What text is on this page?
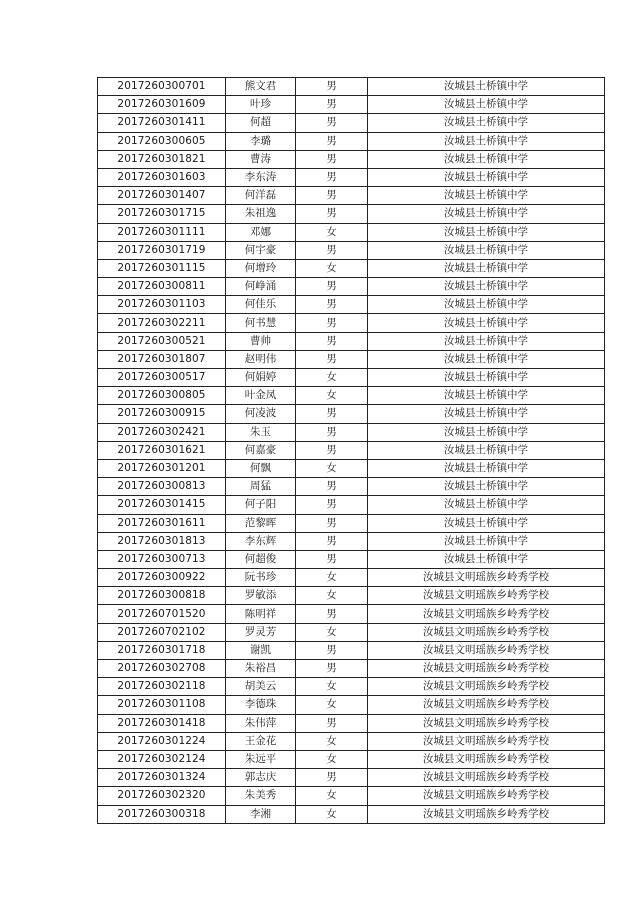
2017260300701	熊文君	男	汝城县土桥镇中学
2017260301609	叶珍	男	汝城县土桥镇中学
2017260301411	何超	男	汝城县土桥镇中学
2017260300605	李璐	男	汝城县土桥镇中学
2017260301821	曹涛	男	汝城县土桥镇中学
2017260301603	李东涛	男	汝城县土桥镇中学
2017260301407	何洋磊	男	汝城县土桥镇中学
2017260301715	朱祖逸	男	汝城县土桥镇中学
2017260301111	邓娜	女	汝城县土桥镇中学
2017260301719	何宇豪	男	汝城县土桥镇中学
2017260301115	何增玲	女	汝城县土桥镇中学
2017260300811	何峥涌	男	汝城县土桥镇中学
2017260301103	何佳乐	男	汝城县土桥镇中学
2017260302211	何书慧	男	汝城县土桥镇中学
2017260300521	曹帅	男	汝城县土桥镇中学
2017260301807	赵明伟	男	汝城县土桥镇中学
2017260300517	何娟婷	女	汝城县土桥镇中学
2017260300805	叶金凤	女	汝城县土桥镇中学
2017260300915	何凌波	男	汝城县土桥镇中学
2017260302421	朱玉	男	汝城县土桥镇中学
2017260301621	何嘉豪	男	汝城县土桥镇中学
2017260301201	何飘	女	汝城县土桥镇中学
2017260300813	周猛	男	汝城县土桥镇中学
2017260301415	何子阳	男	汝城县土桥镇中学
2017260301611	范黎晖	男	汝城县土桥镇中学
2017260301813	李东辉	男	汝城县土桥镇中学
2017260300713	何超俊	男	汝城县土桥镇中学
2017260300922	阮书珍	女	汝城县文明瑶族乡岭秀学校
2017260300818	罗敏添	女	汝城县文明瑶族乡岭秀学校
2017260701520	陈明祥	男	汝城县文明瑶族乡岭秀学校
2017260702102	罗灵芳	女	汝城县文明瑶族乡岭秀学校
2017260301718	谢凯	男	汝城县文明瑶族乡岭秀学校
2017260302708	朱裕昌	男	汝城县文明瑶族乡岭秀学校
2017260302118	胡美云	女	汝城县文明瑶族乡岭秀学校
2017260301108	李德珠	女	汝城县文明瑶族乡岭秀学校
2017260301418	朱伟萍	男	汝城县文明瑶族乡岭秀学校
2017260301224	王金花	女	汝城县文明瑶族乡岭秀学校
2017260302124	朱远平	女	汝城县文明瑶族乡岭秀学校
2017260301324	郭志庆	男	汝城县文明瑶族乡岭秀学校
2017260302320	朱美秀	女	汝城县文明瑶族乡岭秀学校
2017260300318	李湘	女	汝城县文明瑶族乡岭秀学校
